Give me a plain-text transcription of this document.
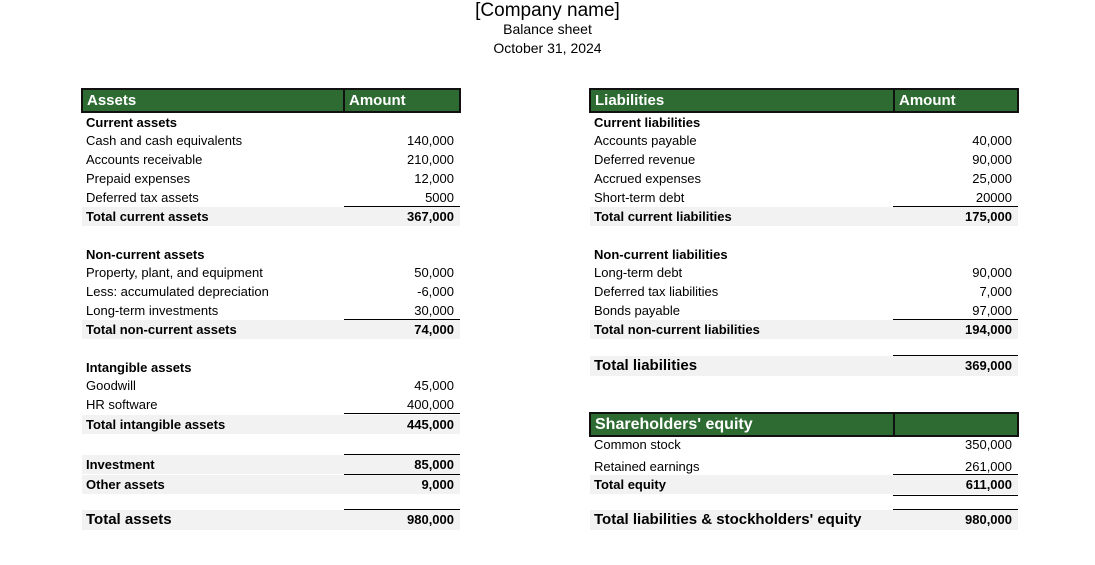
[Company name]
Balance sheet
October 31, 2024
Assets	Amount
Current assets
Cash and cash equivalents	140,000
Accounts receivable	210,000
Prepaid expenses	12,000
Deferred tax assets	5000
Total current assets	367,000
Non-current assets
Property, plant, and equipment	50,000
Less: accumulated depreciation	-6,000
Long-term investments	30,000
Total non-current assets	74,000
Intangible assets
Goodwill	45,000
HR software	400,000
Total intangible assets	445,000
Investment	85,000
Other assets	9,000
Total assets	980,000
Liabilities	Amount
Current liabilities
Accounts payable	40,000
Deferred revenue	90,000
Accrued expenses	25,000
Short-term debt	20000
Total current liabilities	175,000
Non-current liabilities
Long-term debt	90,000
Deferred tax liabilities	7,000
Bonds payable	97,000
Total non-current liabilities	194,000
Total liabilities	369,000
Shareholders' equity
Common stock	350,000
Retained earnings	261,000
Total equity	611,000
Total liabilities & stockholders' equity	980,000
